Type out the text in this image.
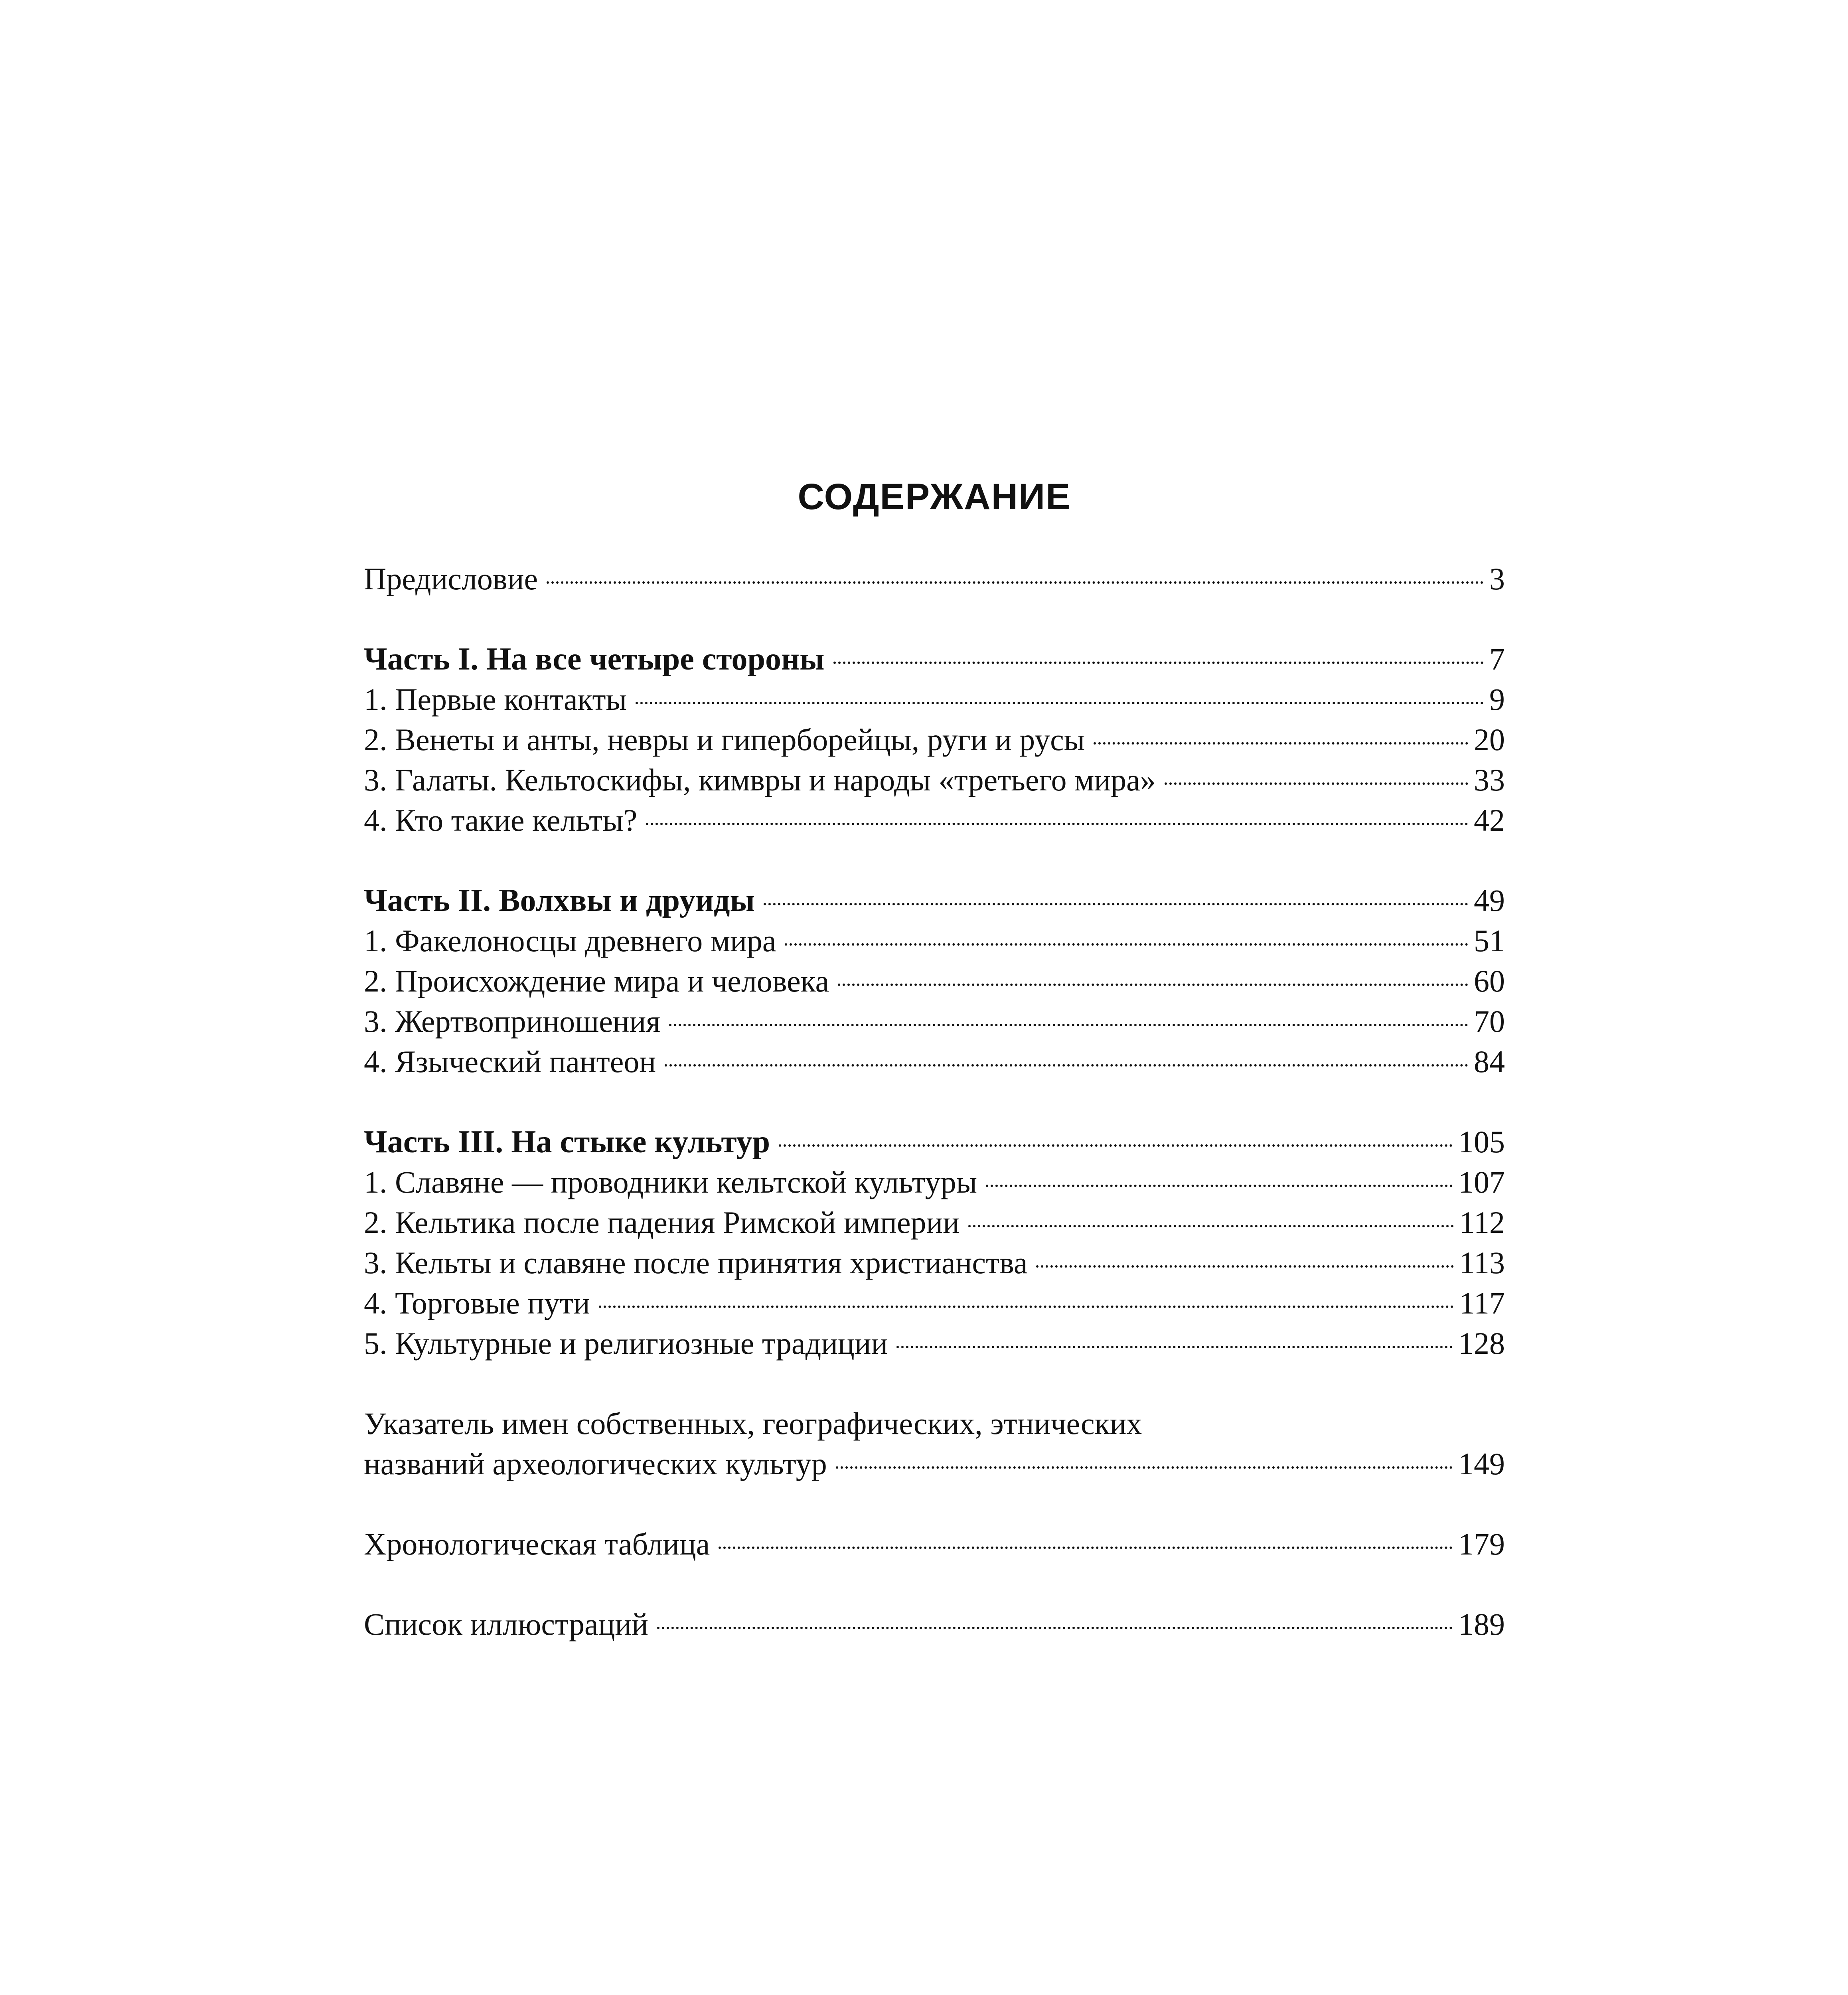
СОДЕРЖАНИЕ
Предисловие	3
Часть I. На все четыре стороны	7
1. Первые контакты	9
2. Венеты и анты, невры и гиперборейцы, руги и русы	20
3. Галаты. Кельтоскифы, кимвры и народы «третьего мира»	33
4. Кто такие кельты?	42
Часть II. Волхвы и друиды	49
1. Факелоносцы древнего мира	51
2. Происхождение мира и человека	60
3. Жертвоприношения	70
4. Языческий пантеон	84
Часть III. На стыке культур	105
1. Славяне — проводники кельтской культуры	107
2. Кельтика после падения Римской империи	112
3. Кельты и славяне после принятия христианства	113
4. Торговые пути	117
5. Культурные и религиозные традиции	128
Указатель имен собственных, географических, этнических
названий археологических культур	149
Хронологическая таблица	179
Список иллюстраций	189
